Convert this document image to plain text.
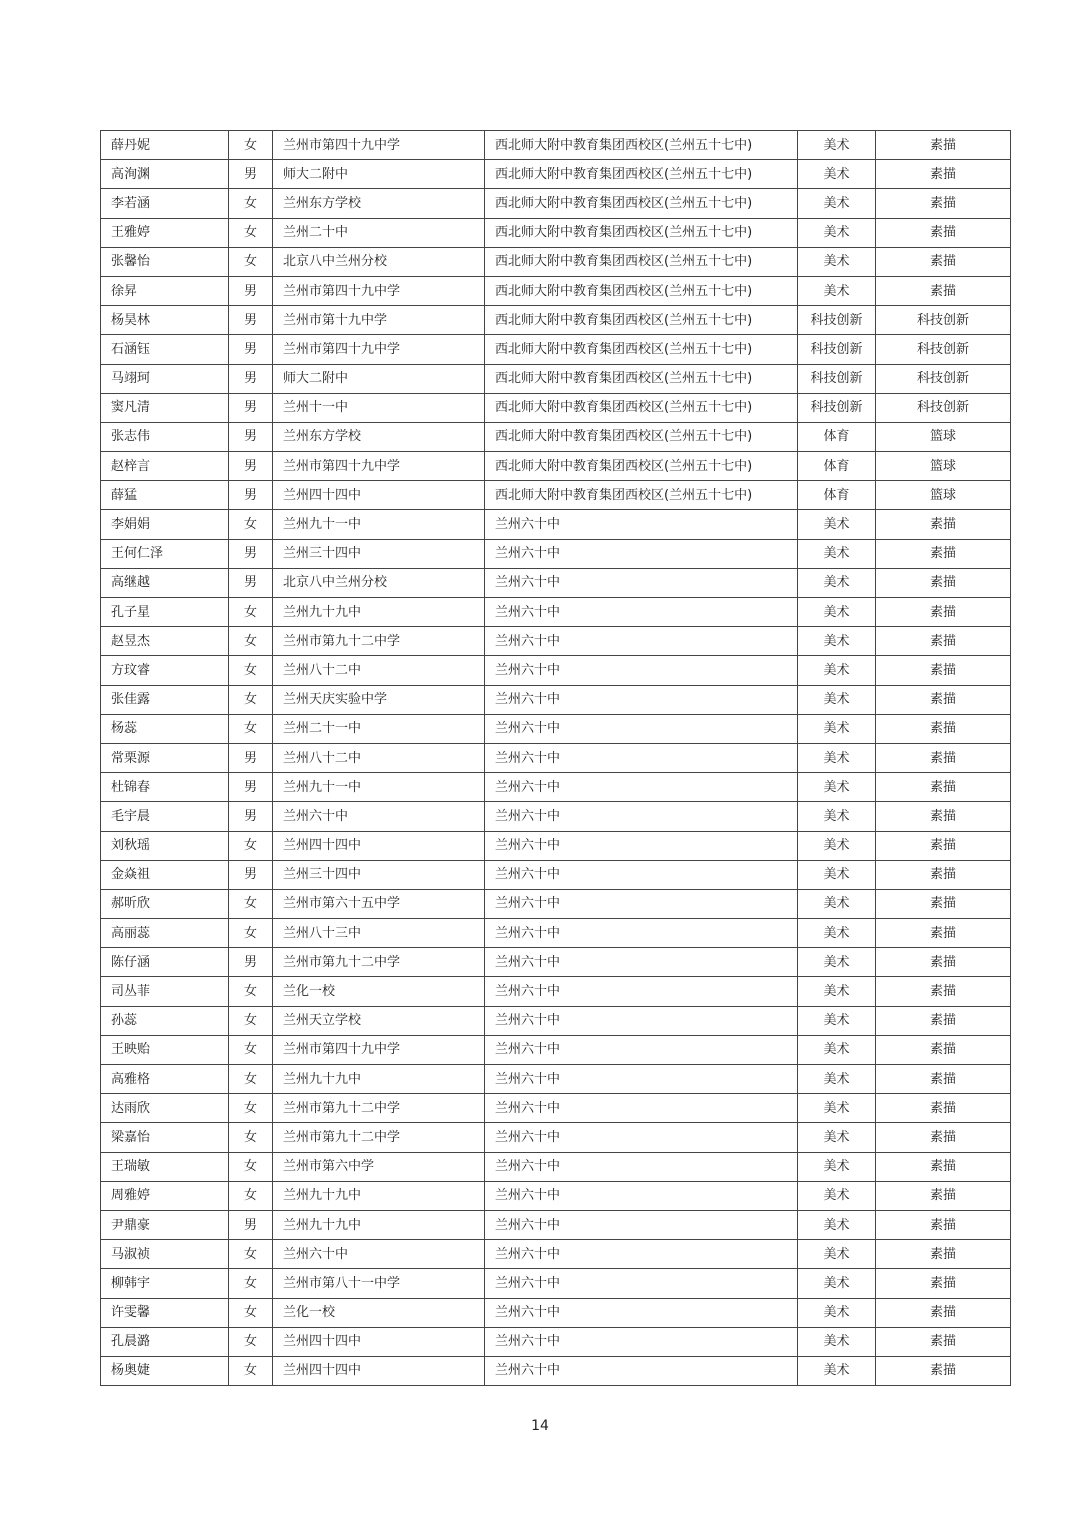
薛丹妮	女	兰州市第四十九中学	西北师大附中教育集团西校区(兰州五十七中)	美术	素描
高洵渊	男	师大二附中	西北师大附中教育集团西校区(兰州五十七中)	美术	素描
李若涵	女	兰州东方学校	西北师大附中教育集团西校区(兰州五十七中)	美术	素描
王雅婷	女	兰州二十中	西北师大附中教育集团西校区(兰州五十七中)	美术	素描
张馨怡	女	北京八中兰州分校	西北师大附中教育集团西校区(兰州五十七中)	美术	素描
徐昇	男	兰州市第四十九中学	西北师大附中教育集团西校区(兰州五十七中)	美术	素描
杨昊林	男	兰州市第十九中学	西北师大附中教育集团西校区(兰州五十七中)	科技创新	科技创新
石涵钰	男	兰州市第四十九中学	西北师大附中教育集团西校区(兰州五十七中)	科技创新	科技创新
马翊珂	男	师大二附中	西北师大附中教育集团西校区(兰州五十七中)	科技创新	科技创新
窦凡清	男	兰州十一中	西北师大附中教育集团西校区(兰州五十七中)	科技创新	科技创新
张志伟	男	兰州东方学校	西北师大附中教育集团西校区(兰州五十七中)	体育	篮球
赵梓言	男	兰州市第四十九中学	西北师大附中教育集团西校区(兰州五十七中)	体育	篮球
薛猛	男	兰州四十四中	西北师大附中教育集团西校区(兰州五十七中)	体育	篮球
李娟娟	女	兰州九十一中	兰州六十中	美术	素描
王何仁泽	男	兰州三十四中	兰州六十中	美术	素描
高继越	男	北京八中兰州分校	兰州六十中	美术	素描
孔子星	女	兰州九十九中	兰州六十中	美术	素描
赵昱杰	女	兰州市第九十二中学	兰州六十中	美术	素描
方玟睿	女	兰州八十二中	兰州六十中	美术	素描
张佳露	女	兰州天庆实验中学	兰州六十中	美术	素描
杨蕊	女	兰州二十一中	兰州六十中	美术	素描
常栗源	男	兰州八十二中	兰州六十中	美术	素描
杜锦春	男	兰州九十一中	兰州六十中	美术	素描
毛宇晨	男	兰州六十中	兰州六十中	美术	素描
刘秋瑶	女	兰州四十四中	兰州六十中	美术	素描
金焱祖	男	兰州三十四中	兰州六十中	美术	素描
郝昕欣	女	兰州市第六十五中学	兰州六十中	美术	素描
高丽蕊	女	兰州八十三中	兰州六十中	美术	素描
陈仔涵	男	兰州市第九十二中学	兰州六十中	美术	素描
司丛菲	女	兰化一校	兰州六十中	美术	素描
孙蕊	女	兰州天立学校	兰州六十中	美术	素描
王映贻	女	兰州市第四十九中学	兰州六十中	美术	素描
高雅格	女	兰州九十九中	兰州六十中	美术	素描
达雨欣	女	兰州市第九十二中学	兰州六十中	美术	素描
梁嘉怡	女	兰州市第九十二中学	兰州六十中	美术	素描
王瑞敏	女	兰州市第六中学	兰州六十中	美术	素描
周雅婷	女	兰州九十九中	兰州六十中	美术	素描
尹鼎豪	男	兰州九十九中	兰州六十中	美术	素描
马淑祯	女	兰州六十中	兰州六十中	美术	素描
柳韩宇	女	兰州市第八十一中学	兰州六十中	美术	素描
许雯馨	女	兰化一校	兰州六十中	美术	素描
孔晨潞	女	兰州四十四中	兰州六十中	美术	素描
杨奥婕	女	兰州四十四中	兰州六十中	美术	素描
14
